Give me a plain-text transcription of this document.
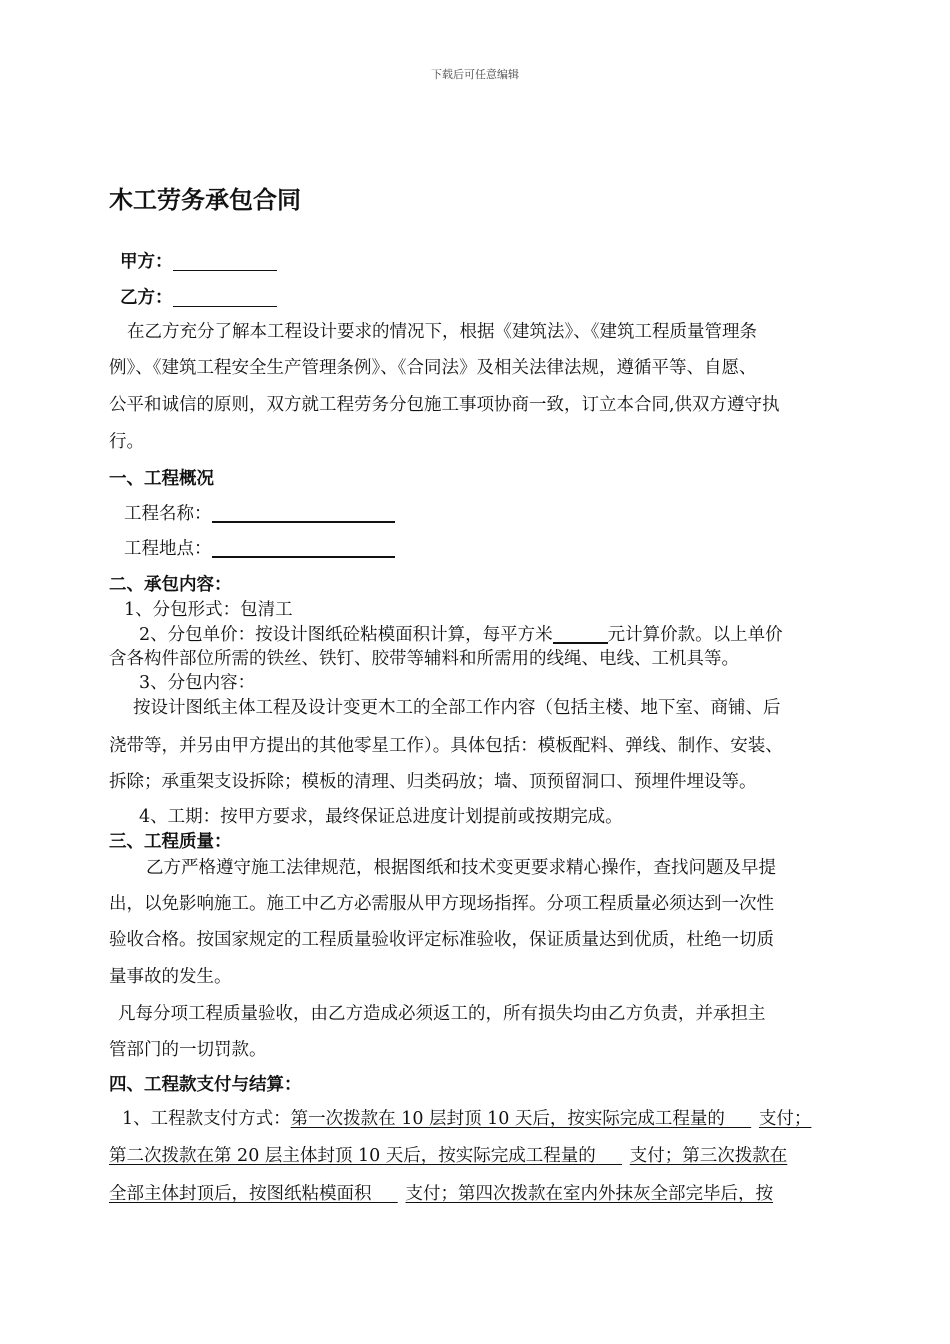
下载后可任意编辑
木工劳务承包合同
甲方：
乙方：
在乙方充分了解本工程设计要求的情况下，根据《建筑法》、《建筑工程质量管理条
例》、《建筑工程安全生产管理条例》、《合同法》及相关法律法规，遵循平等、自愿、
公平和诚信的原则，双方就工程劳务分包施工事项协商一致，订立本合同,供双方遵守执
行。
一、工程概况
工程名称：
工程地点：
二、承包内容：
1、分包形式：包清工
2、分包单价：按设计图纸砼粘模面积计算，每平方米	元计算价款。以上单价
含各构件部位所需的铁丝、铁钉、胶带等辅料和所需用的线绳、电线、工机具等。
3、分包内容：
按设计图纸主体工程及设计变更木工的全部工作内容（包括主楼、地下室、商铺、后
浇带等，并另由甲方提出的其他零星工作）。具体包括：模板配料、弹线、制作、安装、
拆除；承重架支设拆除；模板的清理、归类码放；墙、顶预留洞口、预埋件埋设等。
4、工期：按甲方要求，最终保证总进度计划提前或按期完成。
三、工程质量：
乙方严格遵守施工法律规范，根据图纸和技术变更要求精心操作，查找问题及早提
出，以免影响施工。施工中乙方必需服从甲方现场指挥。分项工程质量必须达到一次性
验收合格。按国家规定的工程质量验收评定标准验收，保证质量达到优质，杜绝一切质
量事故的发生。
凡每分项工程质量验收，由乙方造成必须返工的，所有损失均由乙方负责，并承担主
管部门的一切罚款。
四、工程款支付与结算：
1、工程款支付方式：第一次拨款在 10 层封顶 10 天后，按实际完成工程量的    支付；
第二次拨款在第 20 层主体封顶 10 天后，按实际完成工程量的    支付；第三次拨款在
全部主体封顶后，按图纸粘模面积    支付；第四次拨款在室内外抹灰全部完毕后，按
